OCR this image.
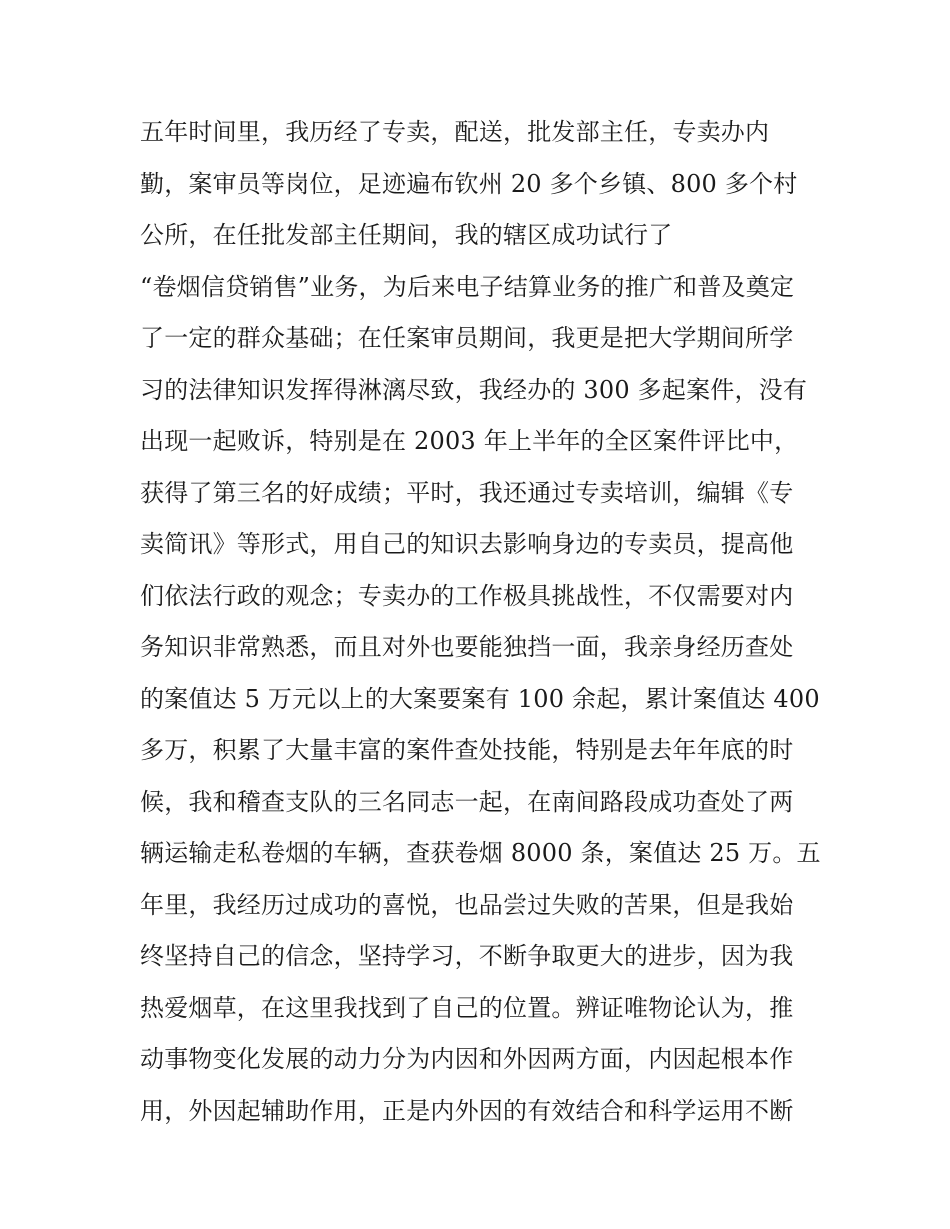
五年时间里，我历经了专卖，配送，批发部主任，专卖办内
勤，案审员等岗位，足迹遍布钦州 20 多个乡镇、800 多个村
公所，在任批发部主任期间，我的辖区成功试行了
“卷烟信贷销售”业务，为后来电子结算业务的推广和普及奠定
了一定的群众基础；在任案审员期间，我更是把大学期间所学
习的法律知识发挥得淋漓尽致，我经办的 300 多起案件，没有
出现一起败诉，特别是在 2003 年上半年的全区案件评比中，
获得了第三名的好成绩；平时，我还通过专卖培训，编辑《专
卖简讯》等形式，用自己的知识去影响身边的专卖员，提高他
们依法行政的观念；专卖办的工作极具挑战性，不仅需要对内
务知识非常熟悉，而且对外也要能独挡一面，我亲身经历查处
的案值达 5 万元以上的大案要案有 100 余起，累计案值达 400
多万，积累了大量丰富的案件查处技能，特别是去年年底的时
候，我和稽查支队的三名同志一起，在南间路段成功查处了两
辆运输走私卷烟的车辆，查获卷烟 8000 条，案值达 25 万。五
年里，我经历过成功的喜悦，也品尝过失败的苦果，但是我始
终坚持自己的信念，坚持学习，不断争取更大的进步，因为我
热爱烟草，在这里我找到了自己的位置。辨证唯物论认为，推
动事物变化发展的动力分为内因和外因两方面，内因起根本作
用，外因起辅助作用，正是内外因的有效结合和科学运用不断
